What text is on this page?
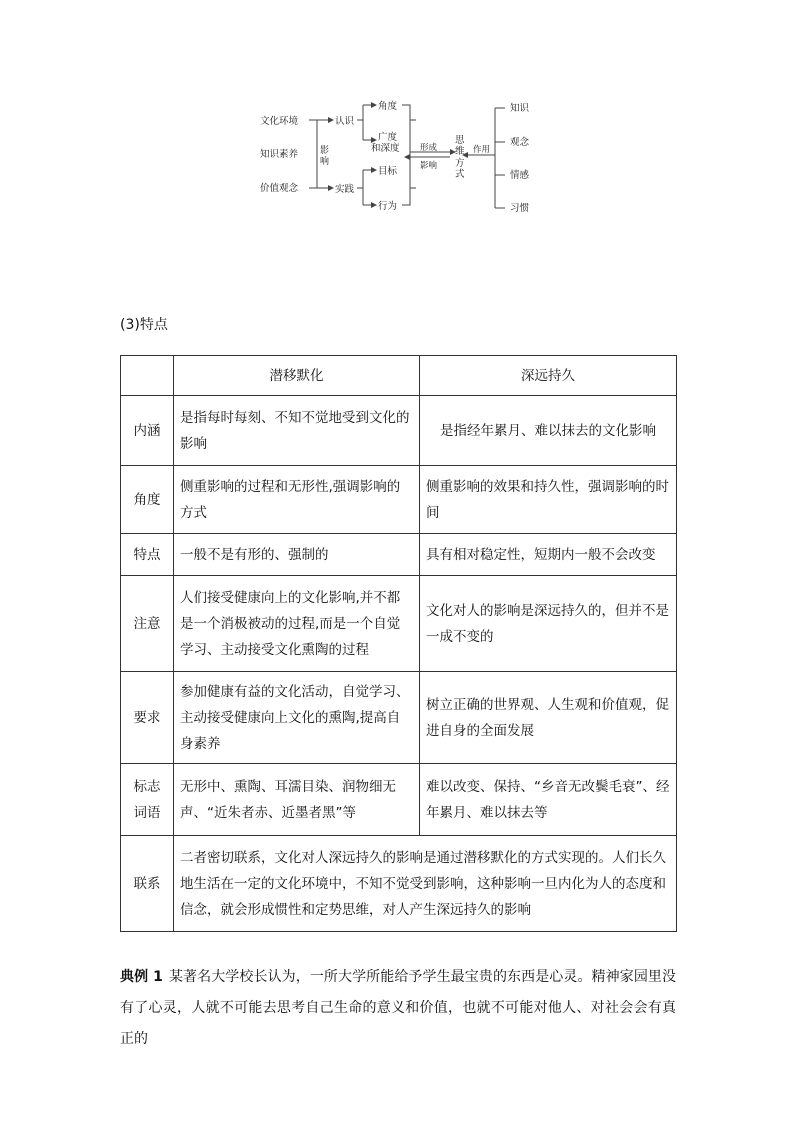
文化环境
知识素养
价值观念
影
响
认识
实践
角度
广度
和深度
目标
行为
形成
影响
思
维
方
式
作用
知识
观念
情感
习惯
(3)特点
	潜移默化	深远持久
内涵	是指每时每刻、不知不觉地受到文化的影响	是指经年累月、难以抹去的文化影响
角度	侧重影响的过程和无形性,强调影响的方式	侧重影响的效果和持久性，强调影响的时间
特点	一般不是有形的、强制的	具有相对稳定性，短期内一般不会改变
注意	人们接受健康向上的文化影响,并不都是一个消极被动的过程,而是一个自觉学习、主动接受文化熏陶的过程	文化对人的影响是深远持久的，但并不是一成不变的
要求	参加健康有益的文化活动，自觉学习、主动接受健康向上文化的熏陶,提高自身素养	树立正确的世界观、人生观和价值观，促进自身的全面发展
标志词语	无形中、熏陶、耳濡目染、润物细无声、“近朱者赤、近墨者黑”等	难以改变、保持、“乡音无改鬓毛衰”、经年累月、难以抹去等
联系	二者密切联系，文化对人深远持久的影响是通过潜移默化的方式实现的。人们长久地生活在一定的文化环境中，不知不觉受到影响，这种影响一旦内化为人的态度和信念，就会形成惯性和定势思维，对人产生深远持久的影响	
典例 1 某著名大学校长认为，一所大学所能给予学生最宝贵的东西是心灵。精神家园里没有了心灵，人就不可能去思考自己生命的意义和价值，也就不可能对他人、对社会会有真正的
